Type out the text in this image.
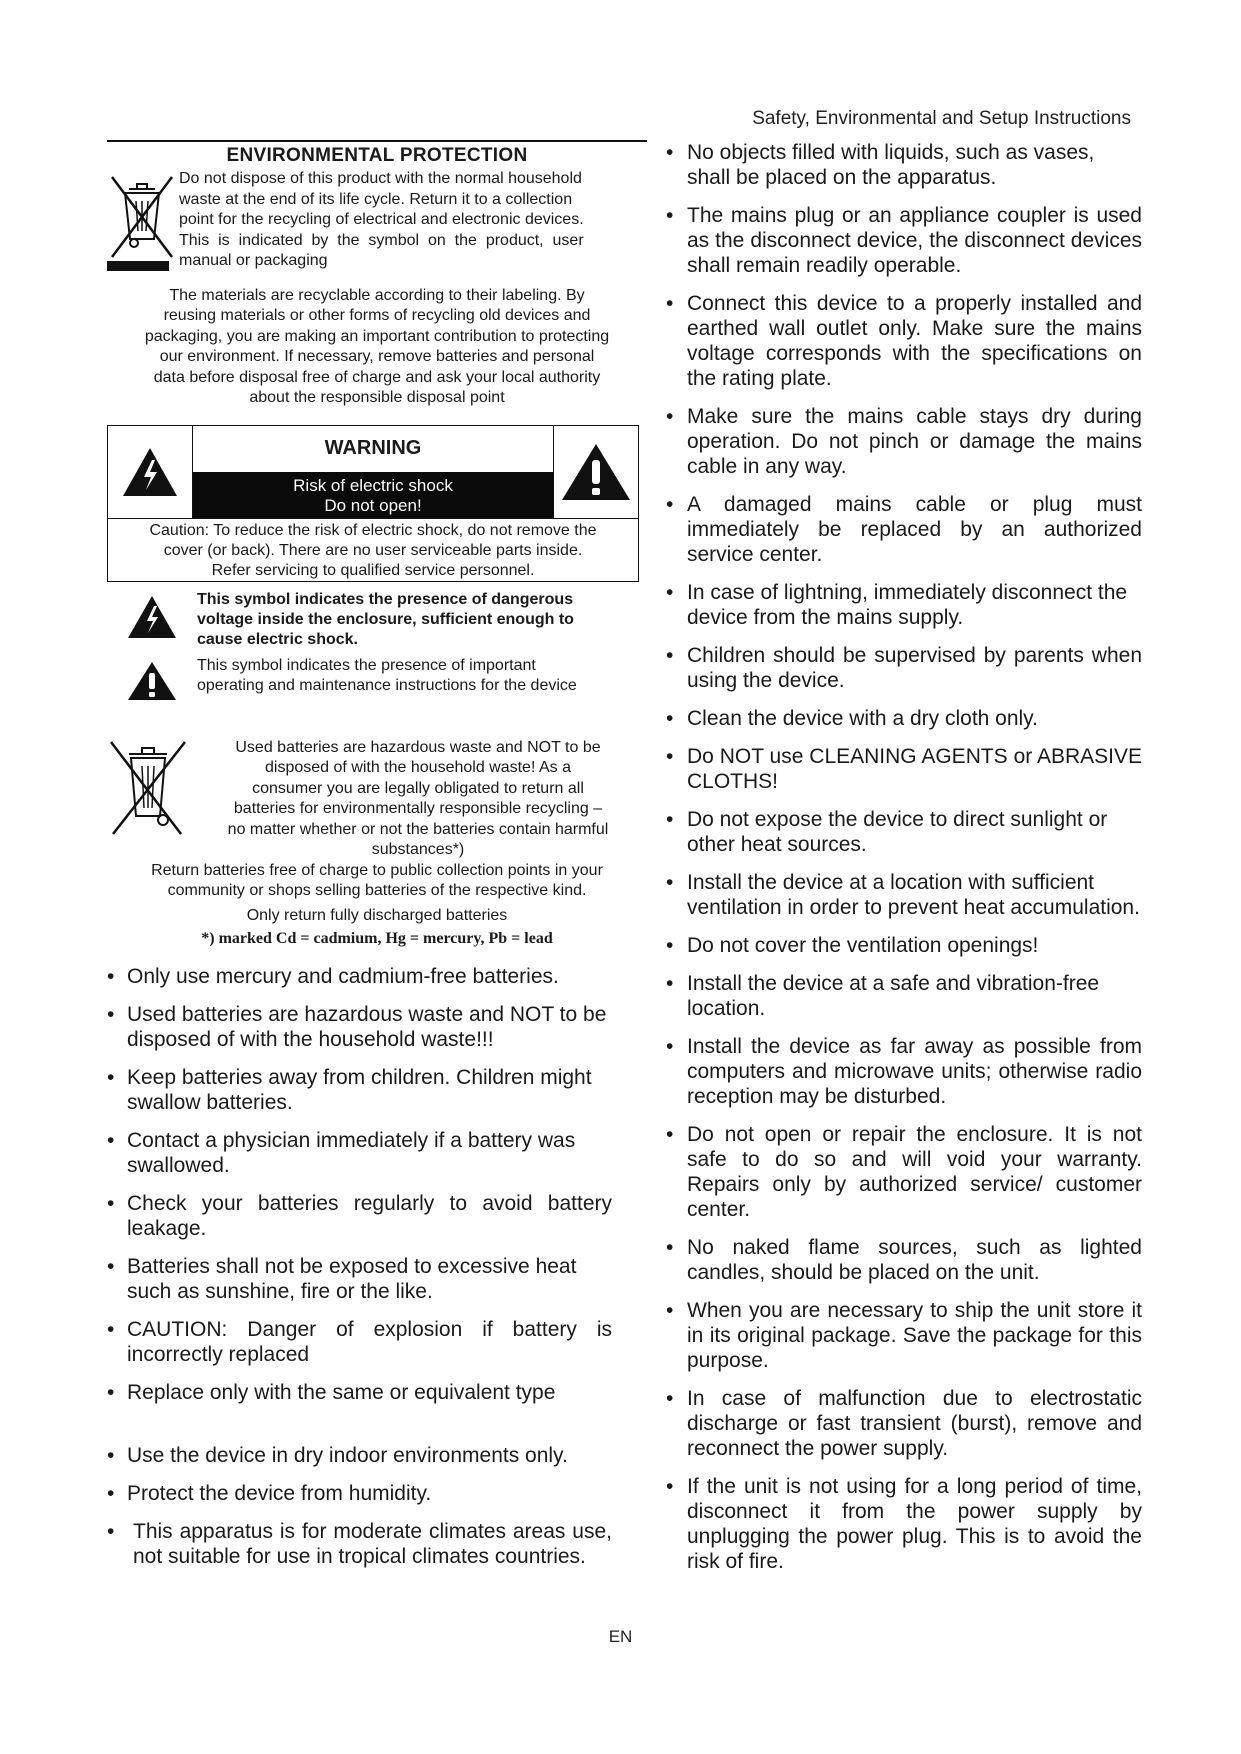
Safety, Environmental and Setup Instructions
ENVIRONMENTAL PROTECTION
Do not dispose of this product with the normal household
waste at the end of its life cycle. Return it to a collection
point for the recycling of electrical and electronic devices.
This is indicated by the symbol on the product, user
manual or packaging
The materials are recyclable according to their labeling. By
reusing materials or other forms of recycling old devices and
packaging, you are making an important contribution to protecting
our environment. If necessary, remove batteries and personal
data before disposal free of charge and ask your local authority
about the responsible disposal point
WARNING
Risk of electric shock
Do not open!
Caution: To reduce the risk of electric shock, do not remove the
cover (or back). There are no user serviceable parts inside.
Refer servicing to qualified service personnel.
This symbol indicates the presence of dangerous
voltage inside the enclosure, sufficient enough to
cause electric shock.
This symbol indicates the presence of important
operating and maintenance instructions for the device
Used batteries are hazardous waste and NOT to be
disposed of with the household waste! As a
consumer you are legally obligated to return all
batteries for environmentally responsible recycling –
no matter whether or not the batteries contain harmful
substances*)
Return batteries free of charge to public collection points in your
community or shops selling batteries of the respective kind.
Only return fully discharged batteries
*) marked Cd = cadmium, Hg = mercury, Pb = lead
• Only use mercury and cadmium-free batteries.
• Used batteries are hazardous waste and NOT to be disposed of with the household waste!!!
• Keep batteries away from children. Children might swallow batteries.
• Contact a physician immediately if a battery was swallowed.
• Check your batteries regularly to avoid battery leakage.
• Batteries shall not be exposed to excessive heat such as sunshine, fire or the like.
• CAUTION: Danger of explosion if battery is incorrectly replaced
• Replace only with the same or equivalent type
• Use the device in dry indoor environments only.
• Protect the device from humidity.
• This apparatus is for moderate climates areas use, not suitable for use in tropical climates countries.
• No objects filled with liquids, such as vases, shall be placed on the apparatus.
• The mains plug or an appliance coupler is used as the disconnect device, the disconnect devices shall remain readily operable.
• Connect this device to a properly installed and earthed wall outlet only. Make sure the mains voltage corresponds with the specifications on the rating plate.
• Make sure the mains cable stays dry during operation. Do not pinch or damage the mains cable in any way.
• A damaged mains cable or plug must immediately be replaced by an authorized service center.
• In case of lightning, immediately disconnect the device from the mains supply.
• Children should be supervised by parents when using the device.
• Clean the device with a dry cloth only.
• Do NOT use CLEANING AGENTS or ABRASIVE CLOTHS!
• Do not expose the device to direct sunlight or other heat sources.
• Install the device at a location with sufficient ventilation in order to prevent heat accumulation.
• Do not cover the ventilation openings!
• Install the device at a safe and vibration-free location.
• Install the device as far away as possible from computers and microwave units; otherwise radio reception may be disturbed.
• Do not open or repair the enclosure. It is not safe to do so and will void your warranty. Repairs only by authorized service/ customer center.
• No naked flame sources, such as lighted candles, should be placed on the unit.
• When you are necessary to ship the unit store it in its original package. Save the package for this purpose.
• In case of malfunction due to electrostatic discharge or fast transient (burst), remove and reconnect the power supply.
• If the unit is not using for a long period of time, disconnect it from the power supply by unplugging the power plug. This is to avoid the risk of fire.
EN
